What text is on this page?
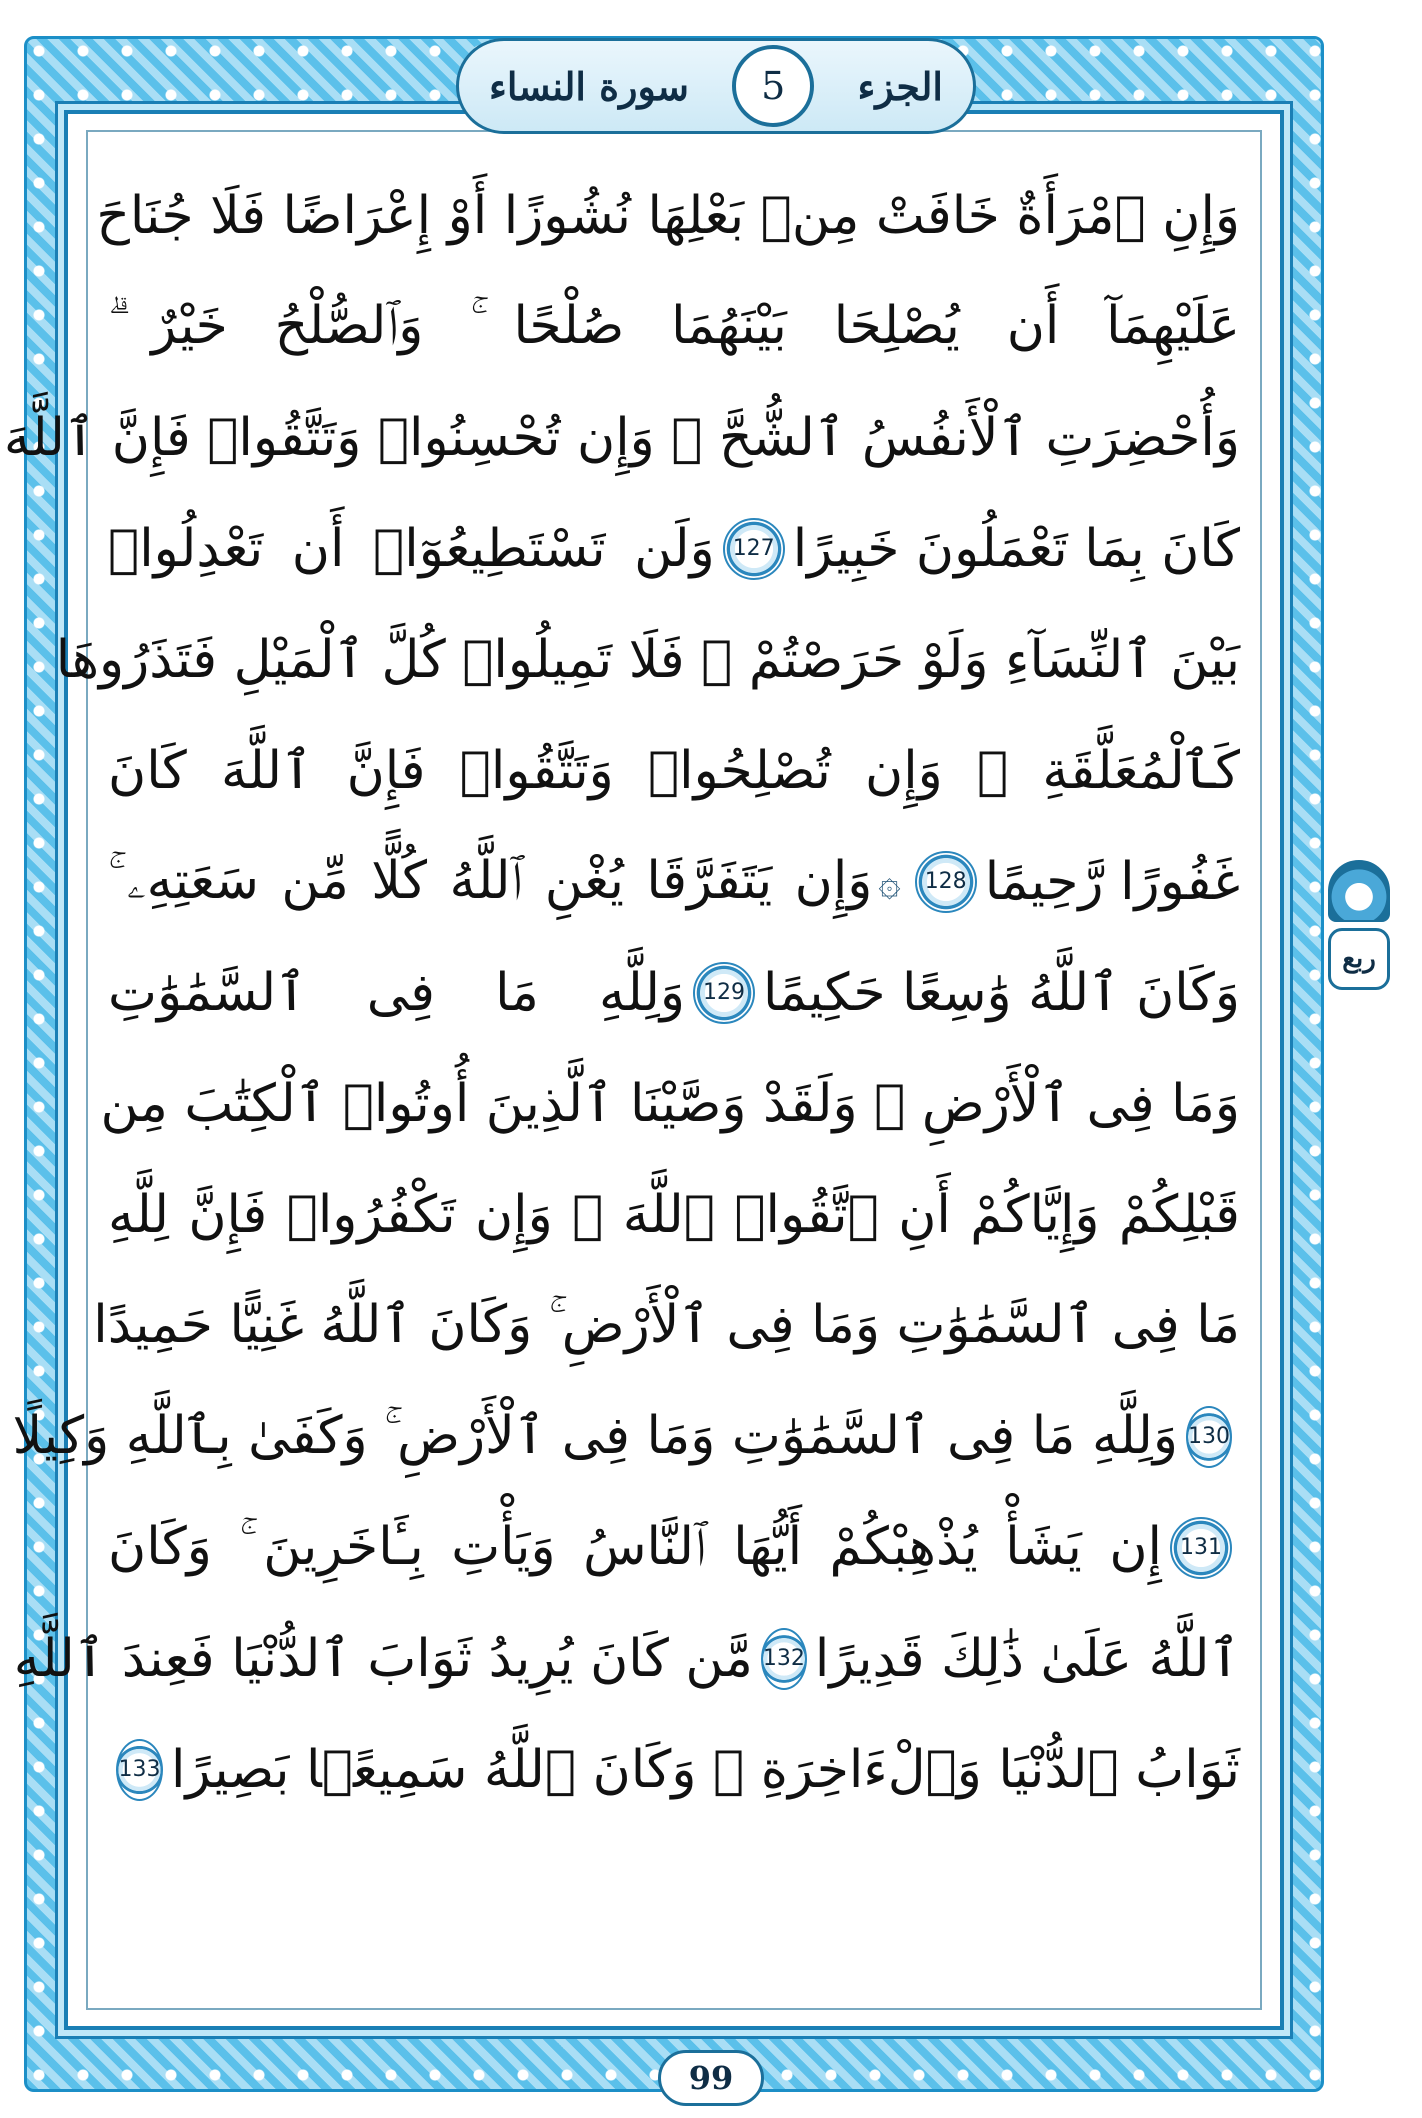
سورة النساء	5	الجزء
وَإِنِ ٱمْرَأَةٌ خَافَتْ مِنۢ بَعْلِهَا نُشُوزًا أَوْ إِعْرَاضًا فَلَا جُنَاحَ
عَلَيْهِمَآ أَن يُصْلِحَا بَيْنَهُمَا صُلْحًا ۚ وَٱلصُّلْحُ خَيْرٌ ۗ
وَأُحْضِرَتِ ٱلْأَنفُسُ ٱلشُّحَّ ۚ وَإِن تُحْسِنُوا۟ وَتَتَّقُوا۟ فَإِنَّ ٱللَّهَ
كَانَ بِمَا تَعْمَلُونَ خَبِيرًا
127
وَلَن تَسْتَطِيعُوٓا۟ أَن تَعْدِلُوا۟
بَيْنَ ٱلنِّسَآءِ وَلَوْ حَرَصْتُمْ ۖ فَلَا تَمِيلُوا۟ كُلَّ ٱلْمَيْلِ فَتَذَرُوهَا
كَٱلْمُعَلَّقَةِ ۚ وَإِن تُصْلِحُوا۟ وَتَتَّقُوا۟ فَإِنَّ ٱللَّهَ كَانَ
غَفُورًا رَّحِيمًا
128
۞
وَإِن يَتَفَرَّقَا يُغْنِ ٱللَّهُ كُلًّا مِّن سَعَتِهِۦ ۚ
وَكَانَ ٱللَّهُ وَٰسِعًا حَكِيمًا
129
وَلِلَّهِ مَا فِى ٱلسَّمَٰوَٰتِ
وَمَا فِى ٱلْأَرْضِ ۗ وَلَقَدْ وَصَّيْنَا ٱلَّذِينَ أُوتُوا۟ ٱلْكِتَٰبَ مِن
قَبْلِكُمْ وَإِيَّاكُمْ أَنِ ٱتَّقُوا۟ ٱللَّهَ ۚ وَإِن تَكْفُرُوا۟ فَإِنَّ لِلَّهِ
مَا فِى ٱلسَّمَٰوَٰتِ وَمَا فِى ٱلْأَرْضِ ۚ وَكَانَ ٱللَّهُ غَنِيًّا حَمِيدًا
130
وَلِلَّهِ مَا فِى ٱلسَّمَٰوَٰتِ وَمَا فِى ٱلْأَرْضِ ۚ وَكَفَىٰ بِٱللَّهِ وَكِيلًا
131
إِن يَشَأْ يُذْهِبْكُمْ أَيُّهَا ٱلنَّاسُ وَيَأْتِ بِـَٔاخَرِينَ ۚ وَكَانَ
ٱللَّهُ عَلَىٰ ذَٰلِكَ قَدِيرًا
132
مَّن كَانَ يُرِيدُ ثَوَابَ ٱلدُّنْيَا فَعِندَ ٱللَّهِ
ثَوَابُ ٱلدُّنْيَا وَٱلْءَاخِرَةِ ۚ وَكَانَ ٱللَّهُ سَمِيعًۢا بَصِيرًا
133
ربع
99
